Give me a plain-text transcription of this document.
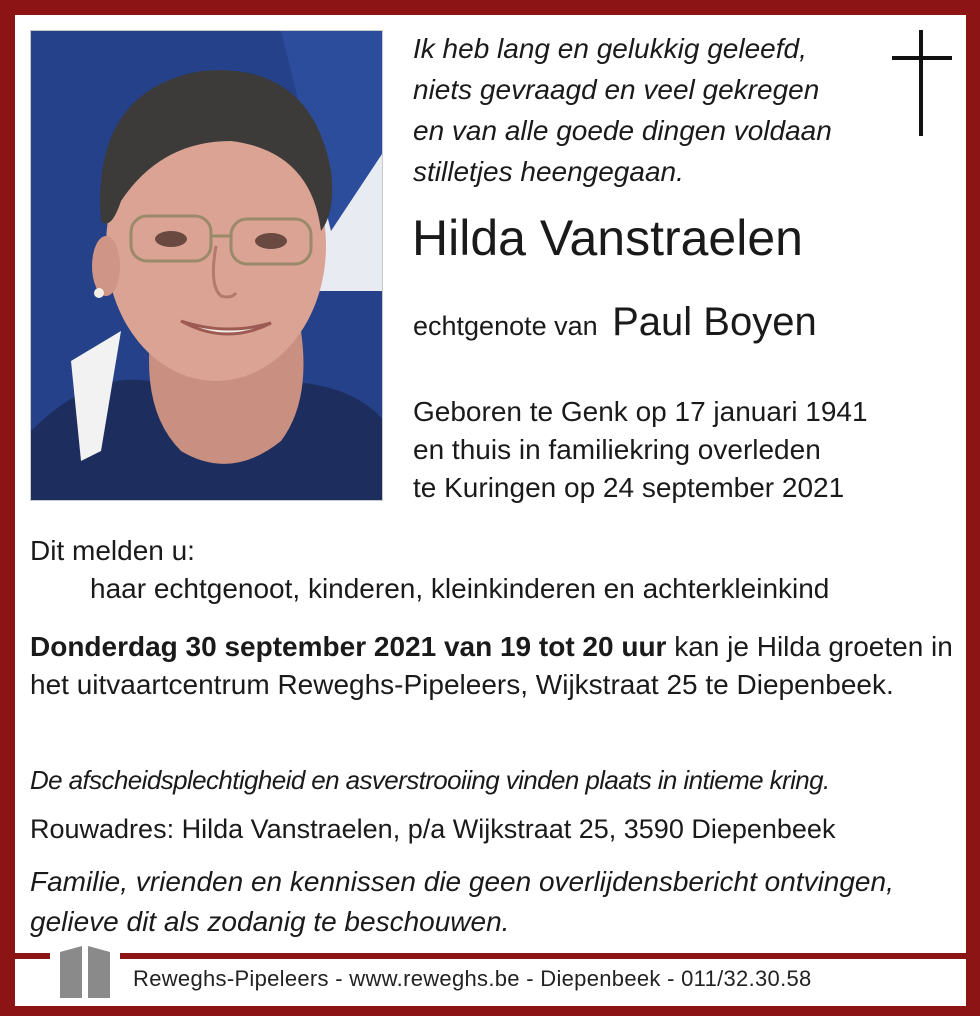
Ik heb lang en gelukkig geleefd,
niets gevraagd en veel gekregen
en van alle goede dingen voldaan
stilletjes heengegaan.
Hilda Vanstraelen
echtgenote van Paul Boyen
Geboren te Genk op 17 januari 1941
en thuis in familiekring overleden
te Kuringen op 24 september 2021
Dit melden u:
haar echtgenoot, kinderen, kleinkinderen en achterkleinkind
Donderdag 30 september 2021 van 19 tot 20 uur kan je Hilda groeten in het uitvaartcentrum Reweghs-Pipeleers, Wijkstraat 25 te Diepenbeek.
De afscheidsplechtigheid en asverstrooiing vinden plaats in intieme kring.
Rouwadres: Hilda Vanstraelen, p/a Wijkstraat 25, 3590 Diepenbeek
Familie, vrienden en kennissen die geen overlijdensbericht ontvingen,
gelieve dit als zodanig te beschouwen.
Reweghs-Pipeleers - www.reweghs.be - Diepenbeek - 011/32.30.58
